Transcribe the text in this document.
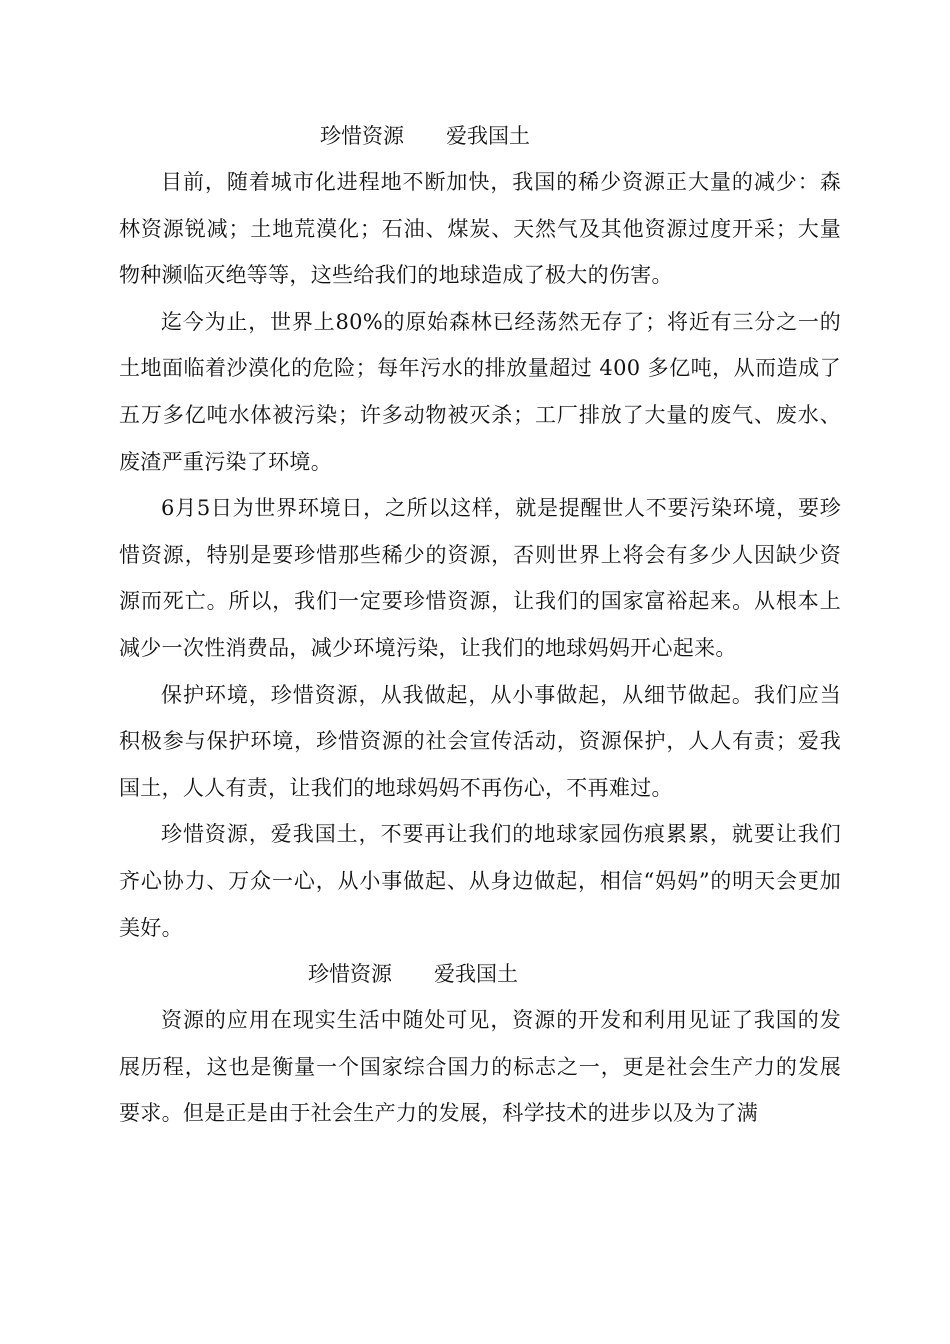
珍惜资源　　爱我国土

目前，随着城市化进程地不断加快，我国的稀少资源正大量的减少：森林资源锐减；土地荒漠化；石油、煤炭、天然气及其他资源过度开采；大量物种濒临灭绝等等，这些给我们的地球造成了极大的伤害。

迄今为止，世界上80%的原始森林已经荡然无存了；将近有三分之一的土地面临着沙漠化的危险；每年污水的排放量超过 400 多亿吨，从而造成了五万多亿吨水体被污染；许多动物被灭杀；工厂排放了大量的废气、废水、废渣严重污染了环境。

6月5日为世界环境日，之所以这样，就是提醒世人不要污染环境，要珍惜资源，特别是要珍惜那些稀少的资源，否则世界上将会有多少人因缺少资源而死亡。所以，我们一定要珍惜资源，让我们的国家富裕起来。从根本上减少一次性消费品，减少环境污染，让我们的地球妈妈开心起来。

保护环境，珍惜资源，从我做起，从小事做起，从细节做起。我们应当积极参与保护环境，珍惜资源的社会宣传活动，资源保护，人人有责；爱我国土，人人有责，让我们的地球妈妈不再伤心，不再难过。

珍惜资源，爱我国土，不要再让我们的地球家园伤痕累累，就要让我们齐心协力、万众一心，从小事做起、从身边做起，相信“妈妈”的明天会更加美好。

珍惜资源　　爱我国土

资源的应用在现实生活中随处可见，资源的开发和利用见证了我国的发展历程，这也是衡量一个国家综合国力的标志之一，更是社会生产力的发展要求。但是正是由于社会生产力的发展，科学技术的进步以及为了满
